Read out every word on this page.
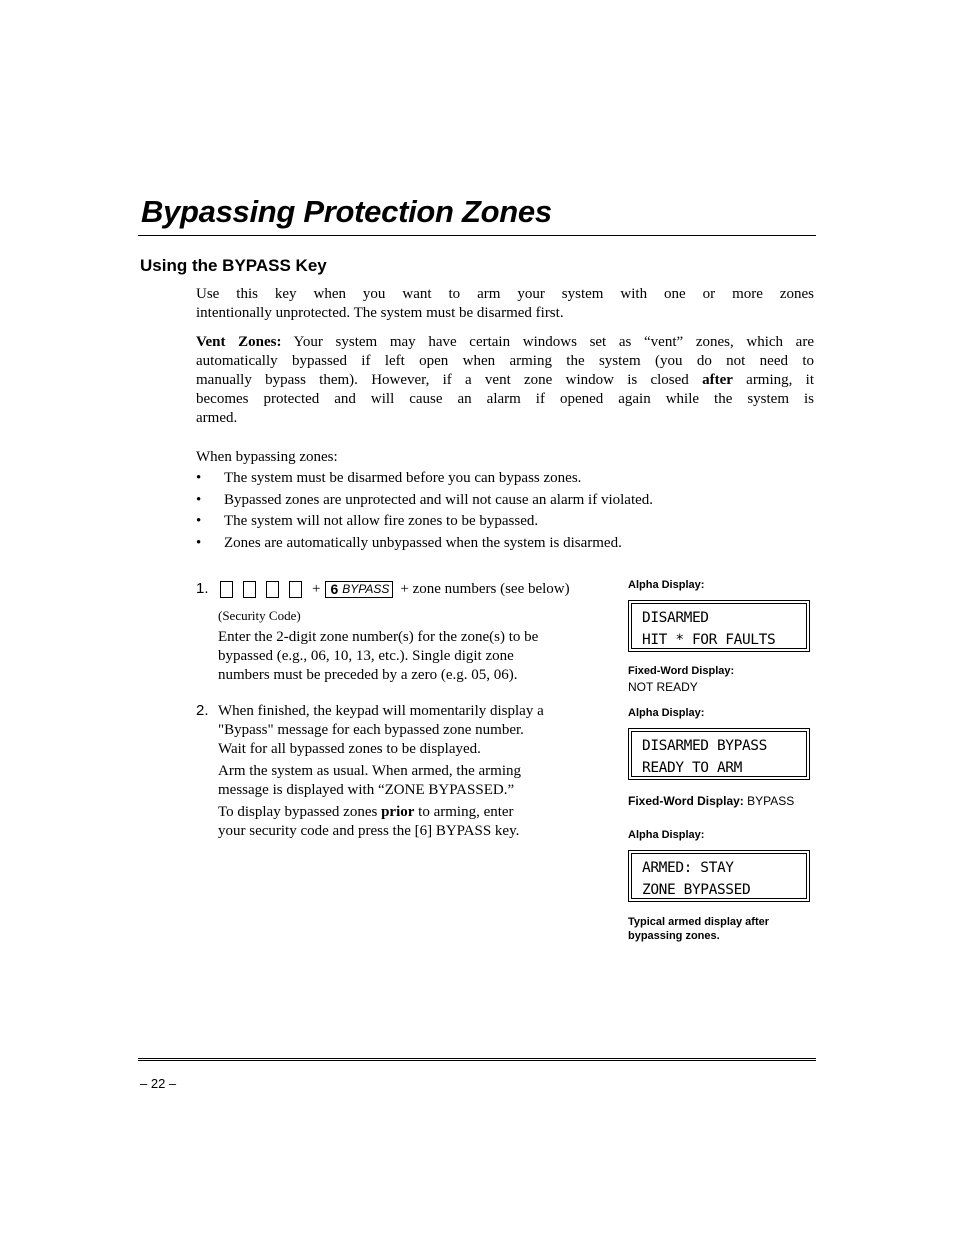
Bypassing Protection Zones
Using the BYPASS Key
Use this key when you want to arm your system with one or more zones
intentionally unprotected. The system must be disarmed first.
Vent Zones: Your system may have certain windows set as “vent” zones, which are
automatically bypassed if left open when arming the system (you do not need to
manually bypass them). However, if a vent zone window is closed after arming, it
becomes protected and will cause an alarm if opened again while the system is
armed.
When bypassing zones:
• The system must be disarmed before you can bypass zones.
• Bypassed zones are unprotected and will not cause an alarm if violated.
• The system will not allow fire zones to be bypassed.
• Zones are automatically unbypassed when the system is disarmed.
1.	+ 6 BYPASS + zone numbers (see below)
(Security Code)
Enter the 2-digit zone number(s) for the zone(s) to be
bypassed (e.g., 06, 10, 13, etc.). Single digit zone
numbers must be preceded by a zero (e.g. 05, 06).
2. When finished, the keypad will momentarily display a
"Bypass" message for each bypassed zone number.
Wait for all bypassed zones to be displayed.
Arm the system as usual. When armed, the arming
message is displayed with “ZONE BYPASSED.”
To display bypassed zones prior to arming, enter
your security code and press the [6] BYPASS key.
Alpha Display:
DISARMED
HIT * FOR FAULTS
Fixed-Word Display:
NOT READY
Alpha Display:
DISARMED BYPASS
READY TO ARM
Fixed-Word Display: BYPASS
Alpha Display:
ARMED: STAY
ZONE BYPASSED
Typical armed display after
bypassing zones.
– 22 –
